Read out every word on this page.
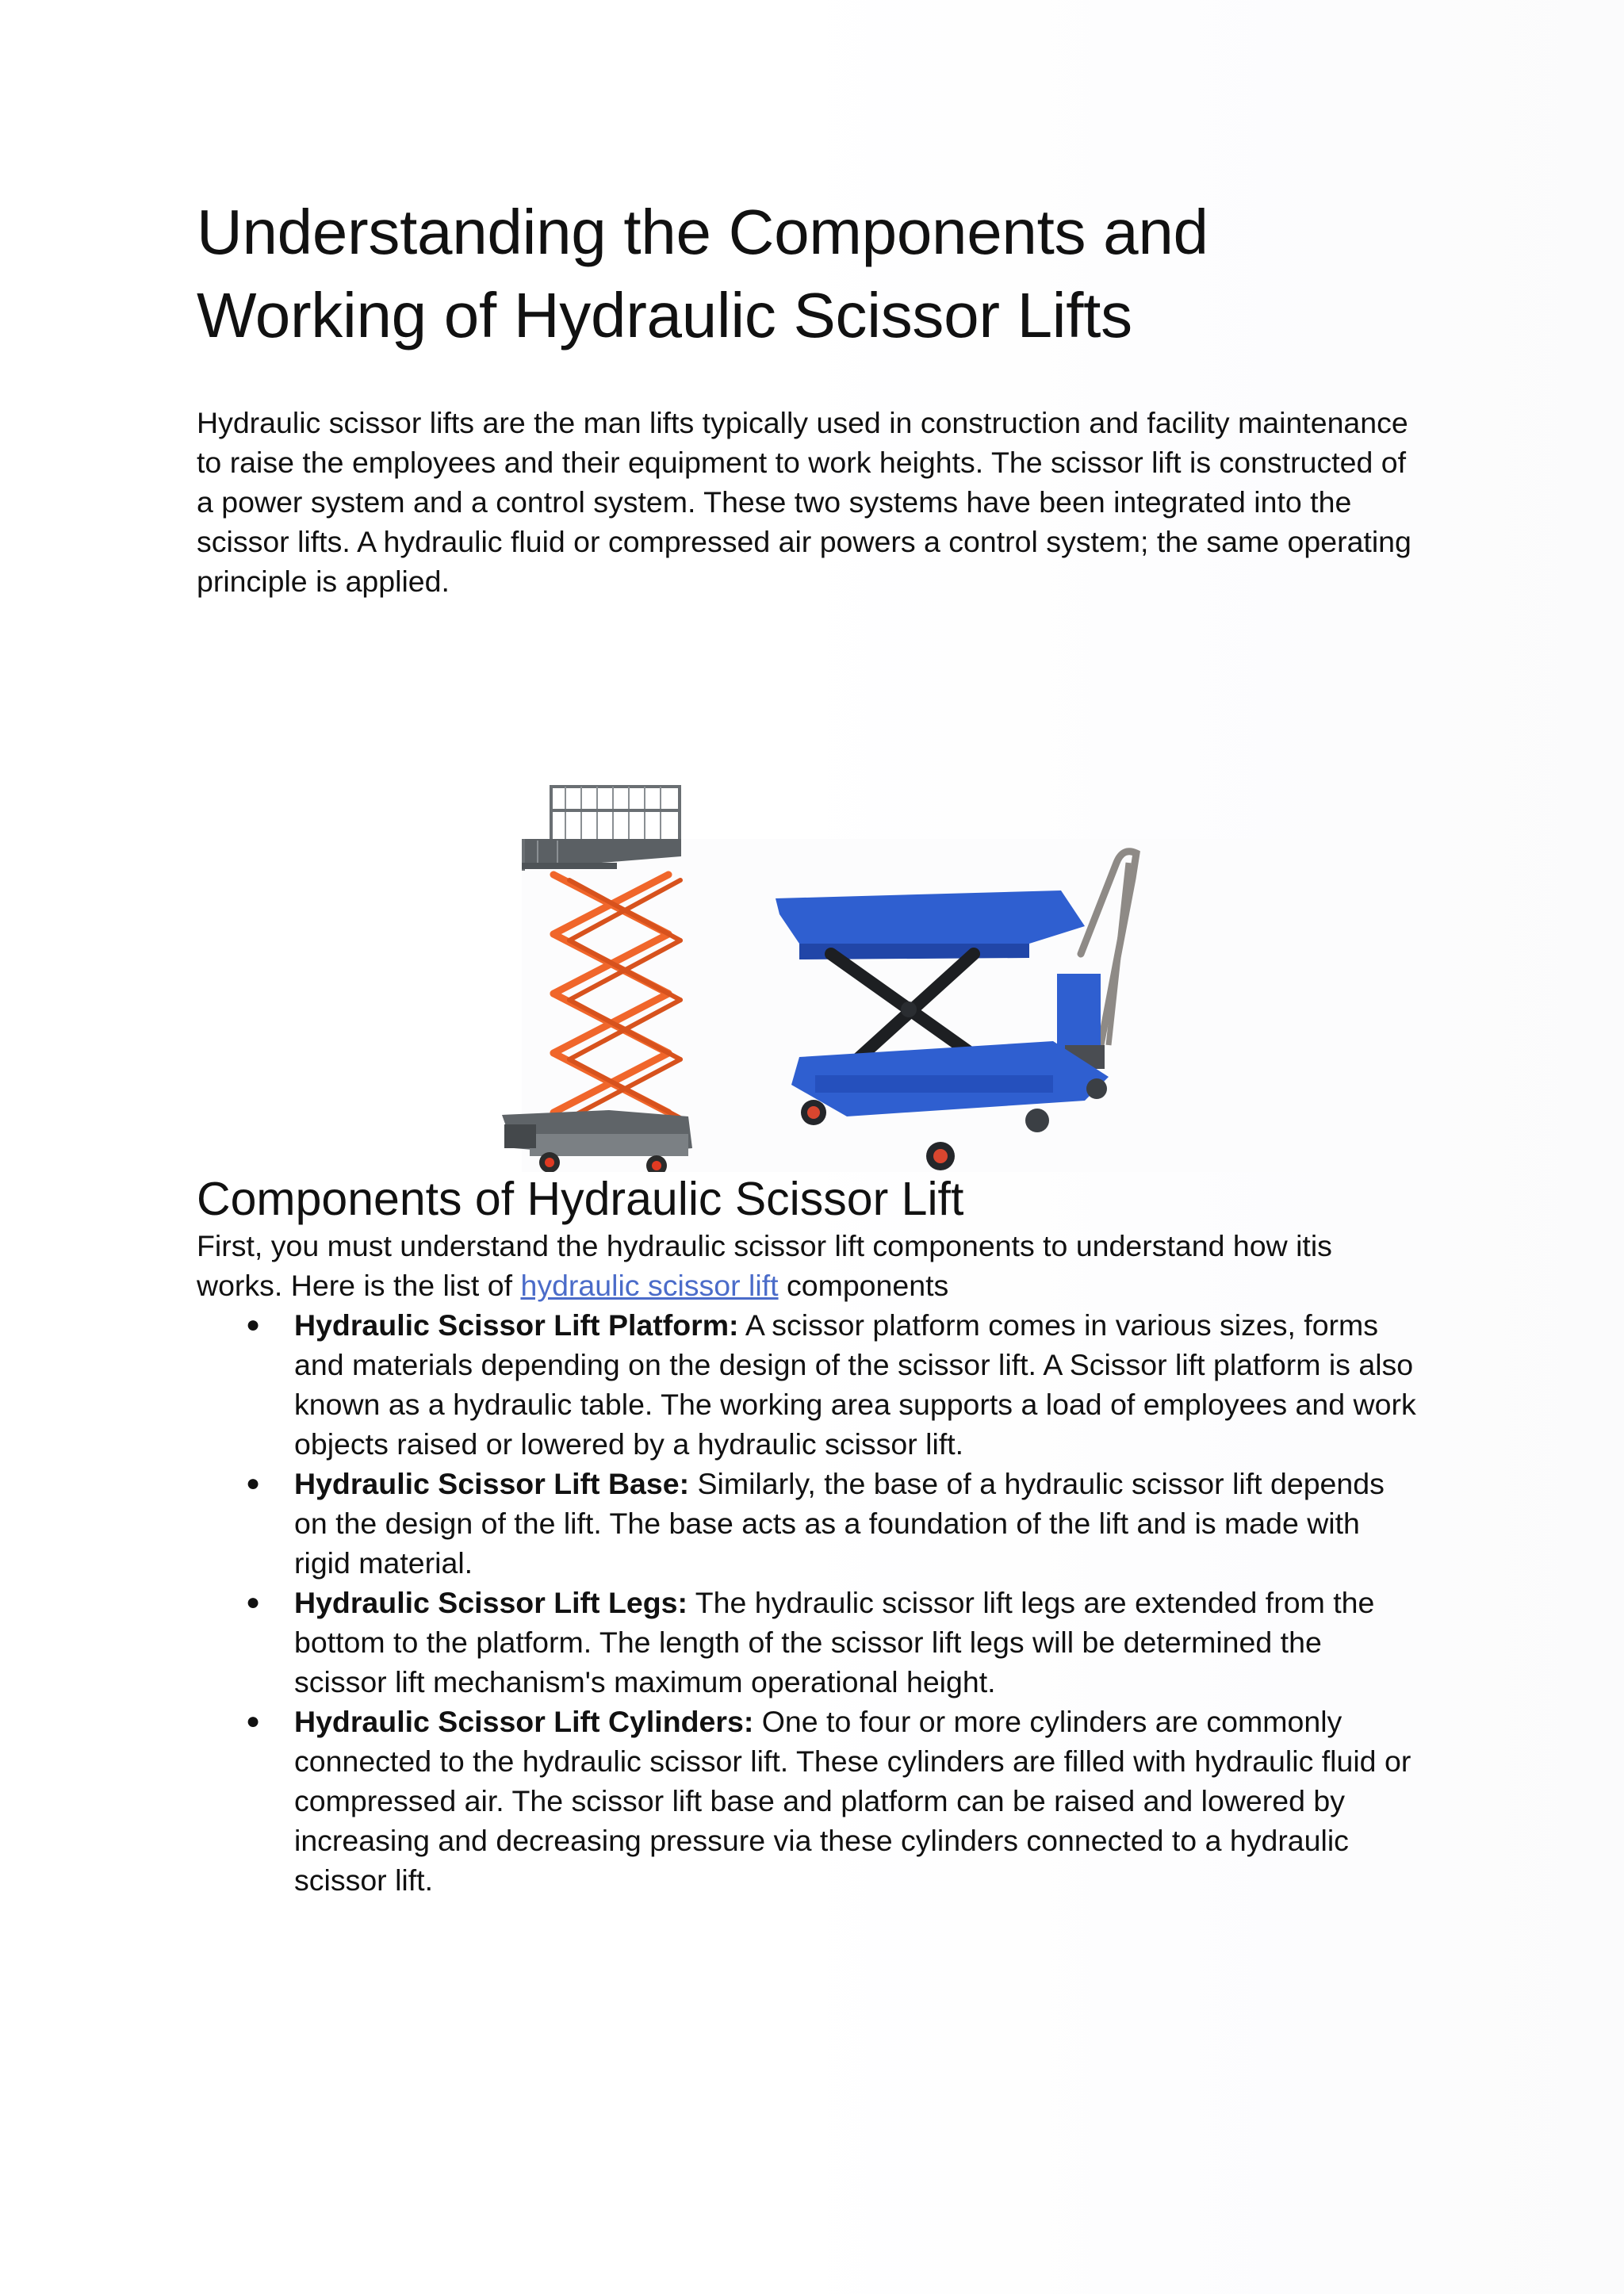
Understanding the Components and
Working of Hydraulic Scissor Lifts
Hydraulic scissor lifts are the man lifts typically used in construction and facility maintenance
to raise the employees and their equipment to work heights. The scissor lift is constructed of
a power system and a control system. These two systems have been integrated into the
scissor lifts. A hydraulic fluid or compressed air powers a control system; the same operating
principle is applied.
Components of Hydraulic Scissor Lift

First, you must understand the hydraulic scissor lift components to understand how itis
works. Here is the list of hydraulic scissor lift components

● Hydraulic Scissor Lift Platform: A scissor platform comes in various sizes, forms
and materials depending on the design of the scissor lift. A Scissor lift platform is also
known as a hydraulic table. The working area supports a load of employees and work
objects raised or lowered by a hydraulic scissor lift.
● Hydraulic Scissor Lift Base: Similarly, the base of a hydraulic scissor lift depends
on the design of the lift. The base acts as a foundation of the lift and is made with
rigid material.
● Hydraulic Scissor Lift Legs: The hydraulic scissor lift legs are extended from the
bottom to the platform. The length of the scissor lift legs will be determined the
scissor lift mechanism's maximum operational height.
● Hydraulic Scissor Lift Cylinders: One to four or more cylinders are commonly
connected to the hydraulic scissor lift. These cylinders are filled with hydraulic fluid or
compressed air. The scissor lift base and platform can be raised and lowered by
increasing and decreasing pressure via these cylinders connected to a hydraulic
scissor lift.
